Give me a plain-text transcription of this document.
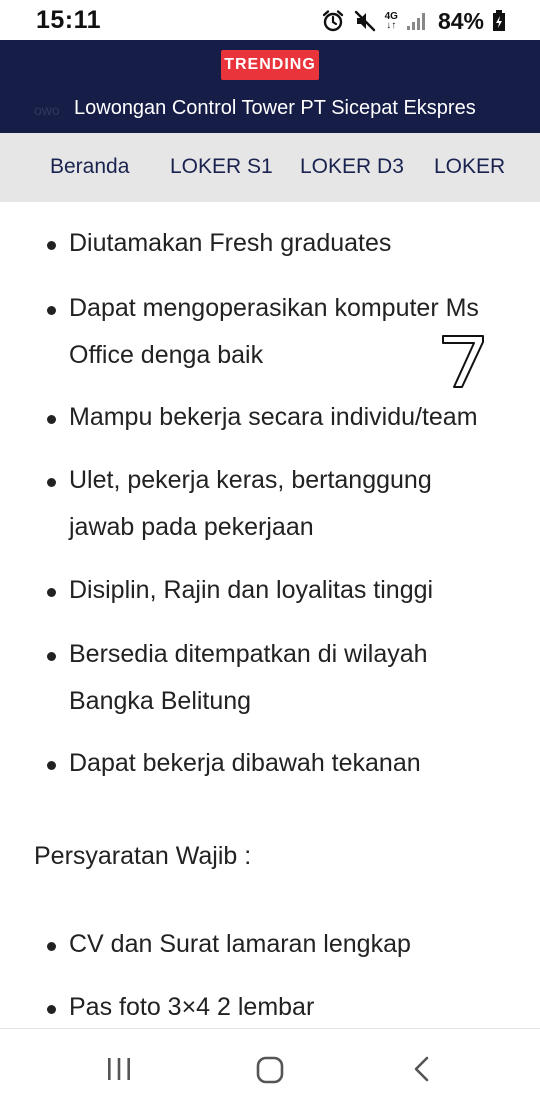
15:11	4G
↓↑ 84%
TRENDING
owo Lowongan Control Tower PT Sicepat Ekspres
Beranda LOKER S1 LOKER D3 LOKER
Diutamakan Fresh graduates
Dapat mengoperasikan komputer Ms
Office denga baik
Mampu bekerja secara individu/team
Ulet, pekerja keras, bertanggung
jawab pada pekerjaan
Disiplin, Rajin dan loyalitas tinggi
Bersedia ditempatkan di wilayah
Bangka Belitung
Dapat bekerja dibawah tekanan
Persyaratan Wajib :
CV dan Surat lamaran lengkap
Pas foto 3×4 2 lembar
